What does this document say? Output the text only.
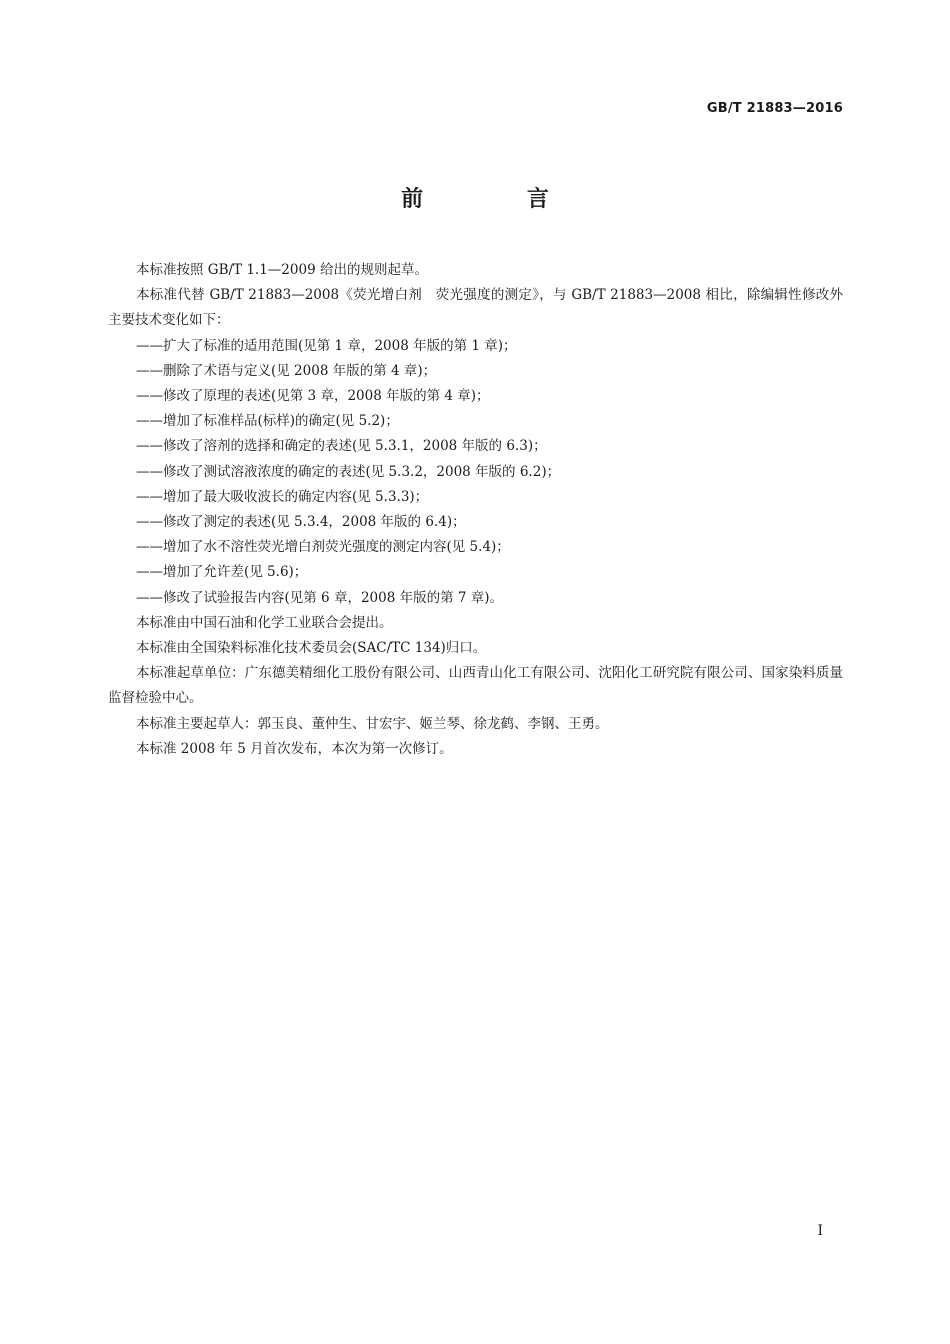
GB/T 21883—2016
前 言

本标准按照 GB/T 1.1—2009 给出的规则起草。

本标准代替 GB/T 21883—2008《荧光增白剂　荧光强度的测定》，与 GB/T 21883—2008 相比，除编辑性修改外主要技术变化如下：

——扩大了标准的适用范围(见第 1 章，2008 年版的第 1 章)；

——删除了术语与定义(见 2008 年版的第 4 章)；

——修改了原理的表述(见第 3 章，2008 年版的第 4 章)；

——增加了标准样品(标样)的确定(见 5.2)；

——修改了溶剂的选择和确定的表述(见 5.3.1，2008 年版的 6.3)；

——修改了测试溶液浓度的确定的表述(见 5.3.2，2008 年版的 6.2)；

——增加了最大吸收波长的确定内容(见 5.3.3)；

——修改了测定的表述(见 5.3.4，2008 年版的 6.4)；

——增加了水不溶性荧光增白剂荧光强度的测定内容(见 5.4)；

——增加了允许差(见 5.6)；

——修改了试验报告内容(见第 6 章，2008 年版的第 7 章)。

本标准由中国石油和化学工业联合会提出。

本标准由全国染料标准化技术委员会(SAC/TC 134)归口。

本标准起草单位：广东德美精细化工股份有限公司、山西青山化工有限公司、沈阳化工研究院有限公司、国家染料质量监督检验中心。

本标准主要起草人：郭玉良、董仲生、甘宏宇、姬兰琴、徐龙鹤、李钢、王勇。

本标准 2008 年 5 月首次发布，本次为第一次修订。

I
